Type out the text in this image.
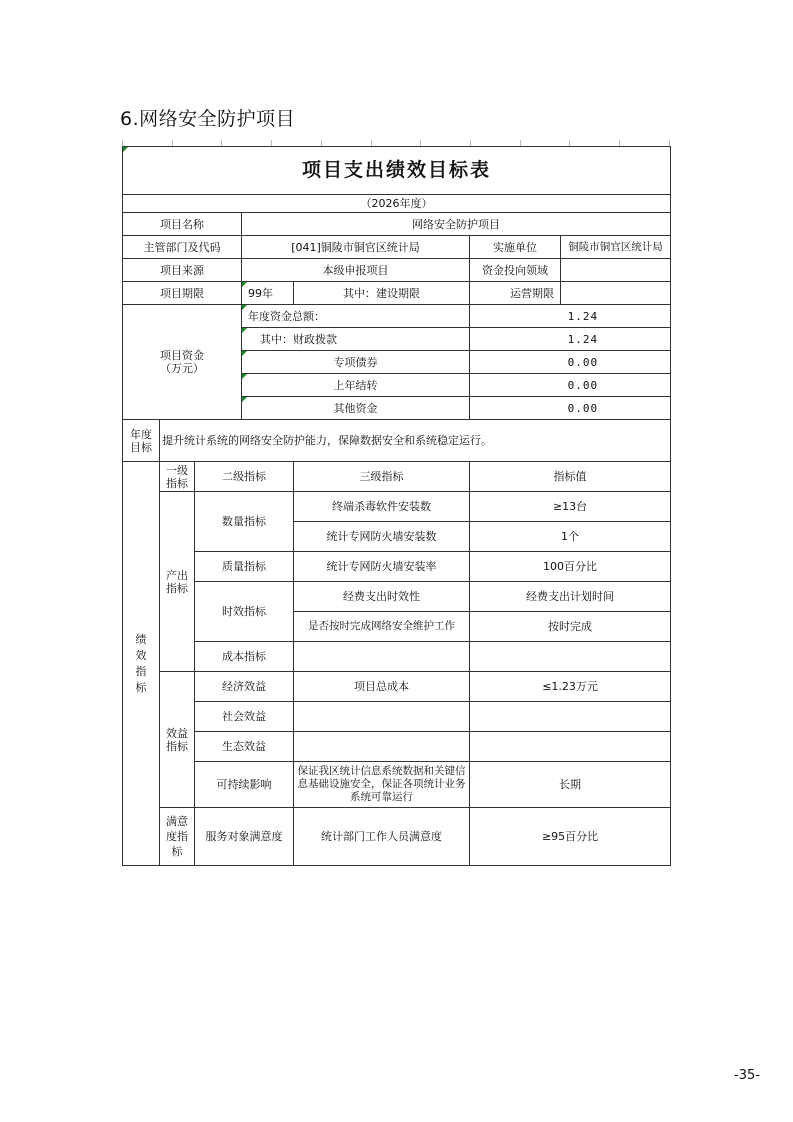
6.网络安全防护项目
项目支出绩效目标表						
（2026年度）						
项目名称			网络安全防护项目			
主管部门及代码			[041]铜陵市铜官区统计局		实施单位	铜陵市铜官区统计局
项目来源			本级申报项目		资金投向领域	
项目期限			99年	其中：建设期限	运营期限	

项目资金
（万元）			年度资金总额：		1.24	
			其中：财政拨款		1.24	
			专项债券		0.00	
			上年结转		0.00	
			其他资金		0.00	
年度目标	提升统计系统的网络安全防护能力，保障数据安全和系统稳定运行。					
绩效指标	一级指标	二级指标		三级指标	指标值	
	产出指标	数量指标		终端杀毒软件安装数	≥13台	
				统计专网防火墙安装数	1个	
		质量指标		统计专网防火墙安装率	100百分比	
		时效指标		经费支出时效性	经费支出计划时间	
				是否按时完成网络安全维护工作	按时完成	
		成本指标				
	效益指标	经济效益		项目总成本	≤1.23万元	
		社会效益				
		生态效益				
		可持续影响		保证我区统计信息系统数据和关键信息基础设施安全，保证各项统计业务系统可靠运行	长期	
	满意度指标	服务对象满意度		统计部门工作人员满意度	≥95百分比	
-35-
